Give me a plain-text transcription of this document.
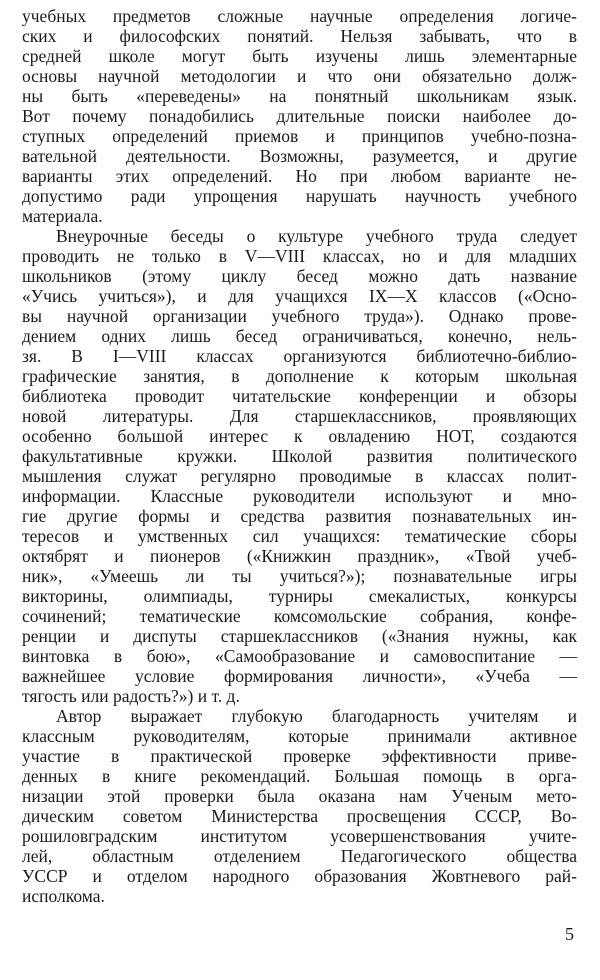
учебных предметов сложные научные определения логиче-
ских и философских понятий. Нельзя забывать, что в
средней школе могут быть изучены лишь элементарные
основы научной методологии и что они обязательно долж-
ны быть «переведены» на понятный школьникам язык.
Вот почему понадобились длительные поиски наиболее до-
ступных определений приемов и принципов учебно-позна-
вательной деятельности. Возможны, разумеется, и другие
варианты этих определений. Но при любом варианте не-
допустимо ради упрощения нарушать научность учебного
материала.
Внеурочные беседы о культуре учебного труда следует
проводить не только в V—VIII классах, но и для младших
школьников (этому циклу бесед можно дать название
«Учись учиться»), и для учащихся IX—X классов («Осно-
вы научной организации учебного труда»). Однако прове-
дением одних лишь бесед ограничиваться, конечно, нель-
зя. В I—VIII классах организуются библиотечно-библио-
графические занятия, в дополнение к которым школьная
библиотека проводит читательские конференции и обзоры
новой литературы. Для старшеклассников, проявляющих
особенно большой интерес к овладению НОТ, создаются
факультативные кружки. Школой развития политического
мышления служат регулярно проводимые в классах полит-
информации. Классные руководители используют и мно-
гие другие формы и средства развития познавательных ин-
тересов и умственных сил учащихся: тематические сборы
октябрят и пионеров («Книжкин праздник», «Твой учеб-
ник», «Умеешь ли ты учиться?»); познавательные игры
викторины, олимпиады, турниры смекалистых, конкурсы
сочинений; тематические комсомольские собрания, конфе-
ренции и диспуты старшеклассников («Знания нужны, как
винтовка в бою», «Самообразование и самовоспитание —
важнейшее условие формирования личности», «Учеба —
тягость или радость?») и т. д.
Автор выражает глубокую благодарность учителям и
классным руководителям, которые принимали активное
участие в практической проверке эффективности приве-
денных в книге рекомендаций. Большая помощь в орга-
низации этой проверки была оказана нам Ученым мето-
дическим советом Министерства просвещения СССР, Во-
рошиловградским институтом усовершенствования учите-
лей, областным отделением Педагогического общества
УССР и отделом народного образования Жовтневого рай-
исполкома.
5
